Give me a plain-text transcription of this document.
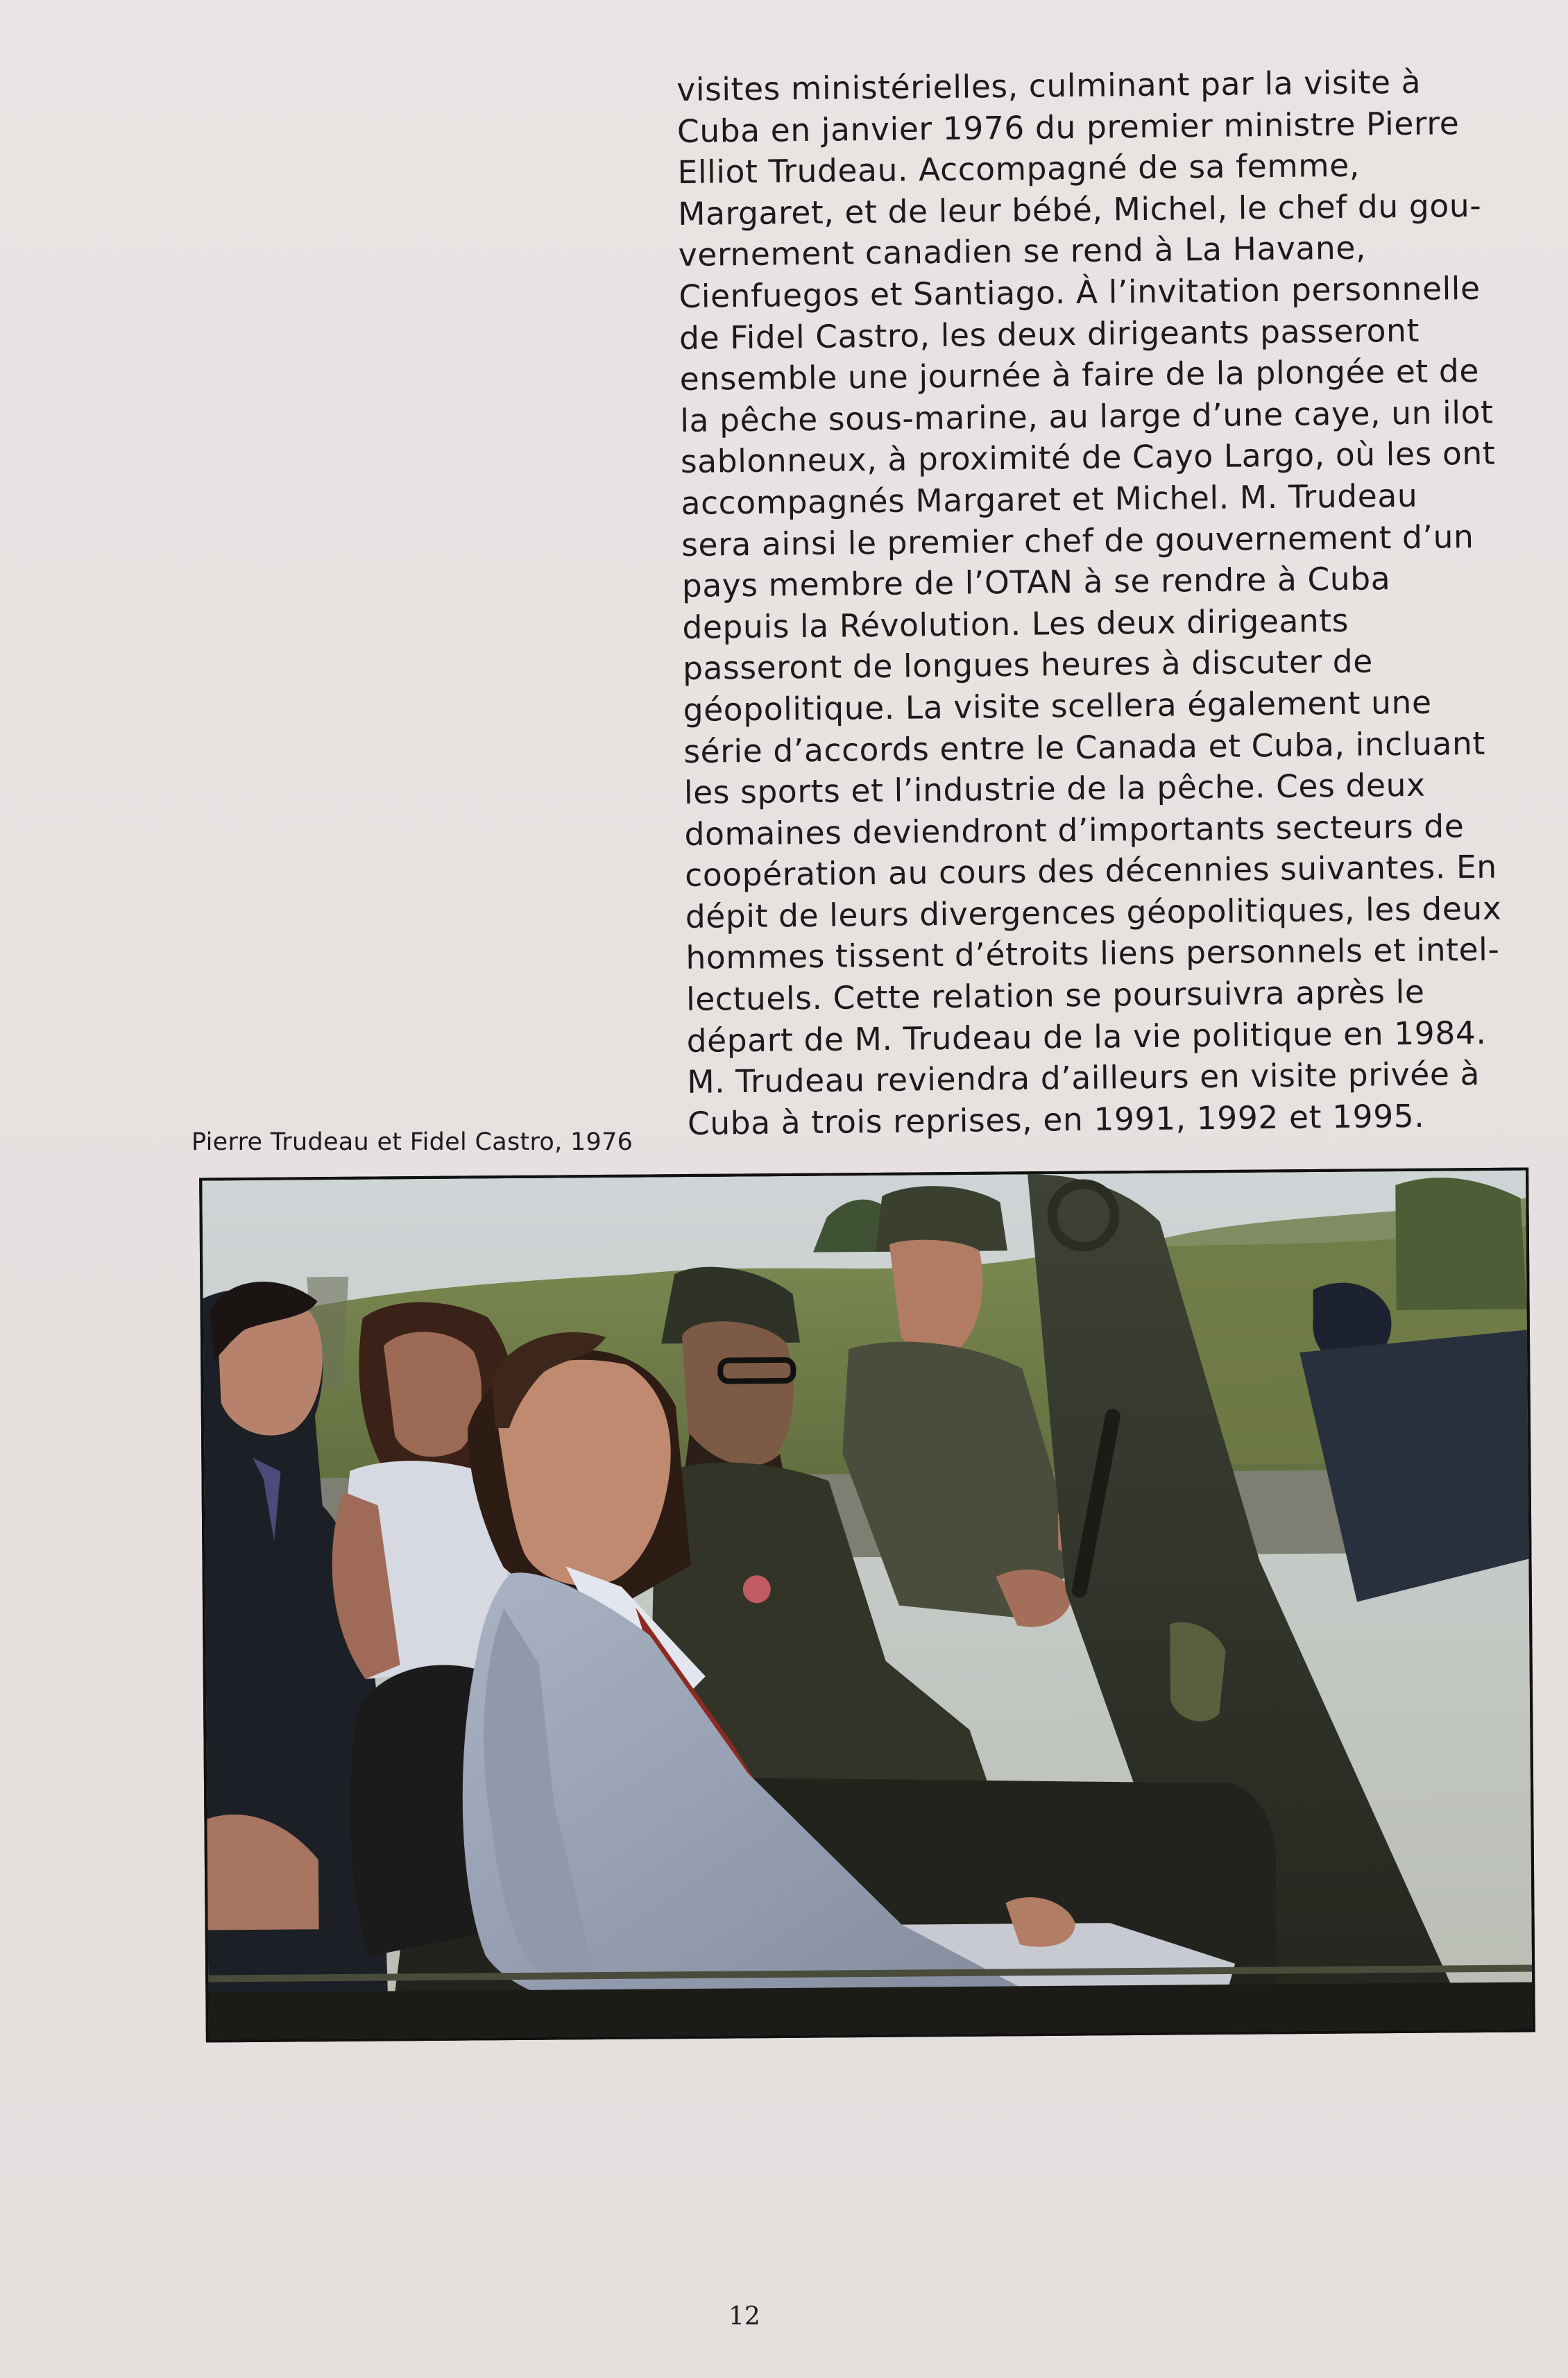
visites ministérielles, culminant par la visite à
Cuba en janvier 1976 du premier ministre Pierre
Elliot Trudeau. Accompagné de sa femme,
Margaret, et de leur bébé, Michel, le chef du gou-
vernement canadien se rend à La Havane,
Cienfuegos et Santiago. À l’invitation personnelle
de Fidel Castro, les deux dirigeants passeront
ensemble une journée à faire de la plongée et de
la pêche sous-marine, au large d’une caye, un ilot
sablonneux, à proximité de Cayo Largo, où les ont
accompagnés Margaret et Michel. M. Trudeau
sera ainsi le premier chef de gouvernement d’un
pays membre de l’OTAN à se rendre à Cuba
depuis la Révolution. Les deux dirigeants
passeront de longues heures à discuter de
géopolitique. La visite scellera également une
série d’accords entre le Canada et Cuba, incluant
les sports et l’industrie de la pêche. Ces deux
domaines deviendront d’importants secteurs de
coopération au cours des décennies suivantes. En
dépit de leurs divergences géopolitiques, les deux
hommes tissent d’étroits liens personnels et intel-
lectuels. Cette relation se poursuivra après le
départ de M. Trudeau de la vie politique en 1984.
M. Trudeau reviendra d’ailleurs en visite privée à
Cuba à trois reprises, en 1991, 1992 et 1995.
Pierre Trudeau et Fidel Castro, 1976
12
